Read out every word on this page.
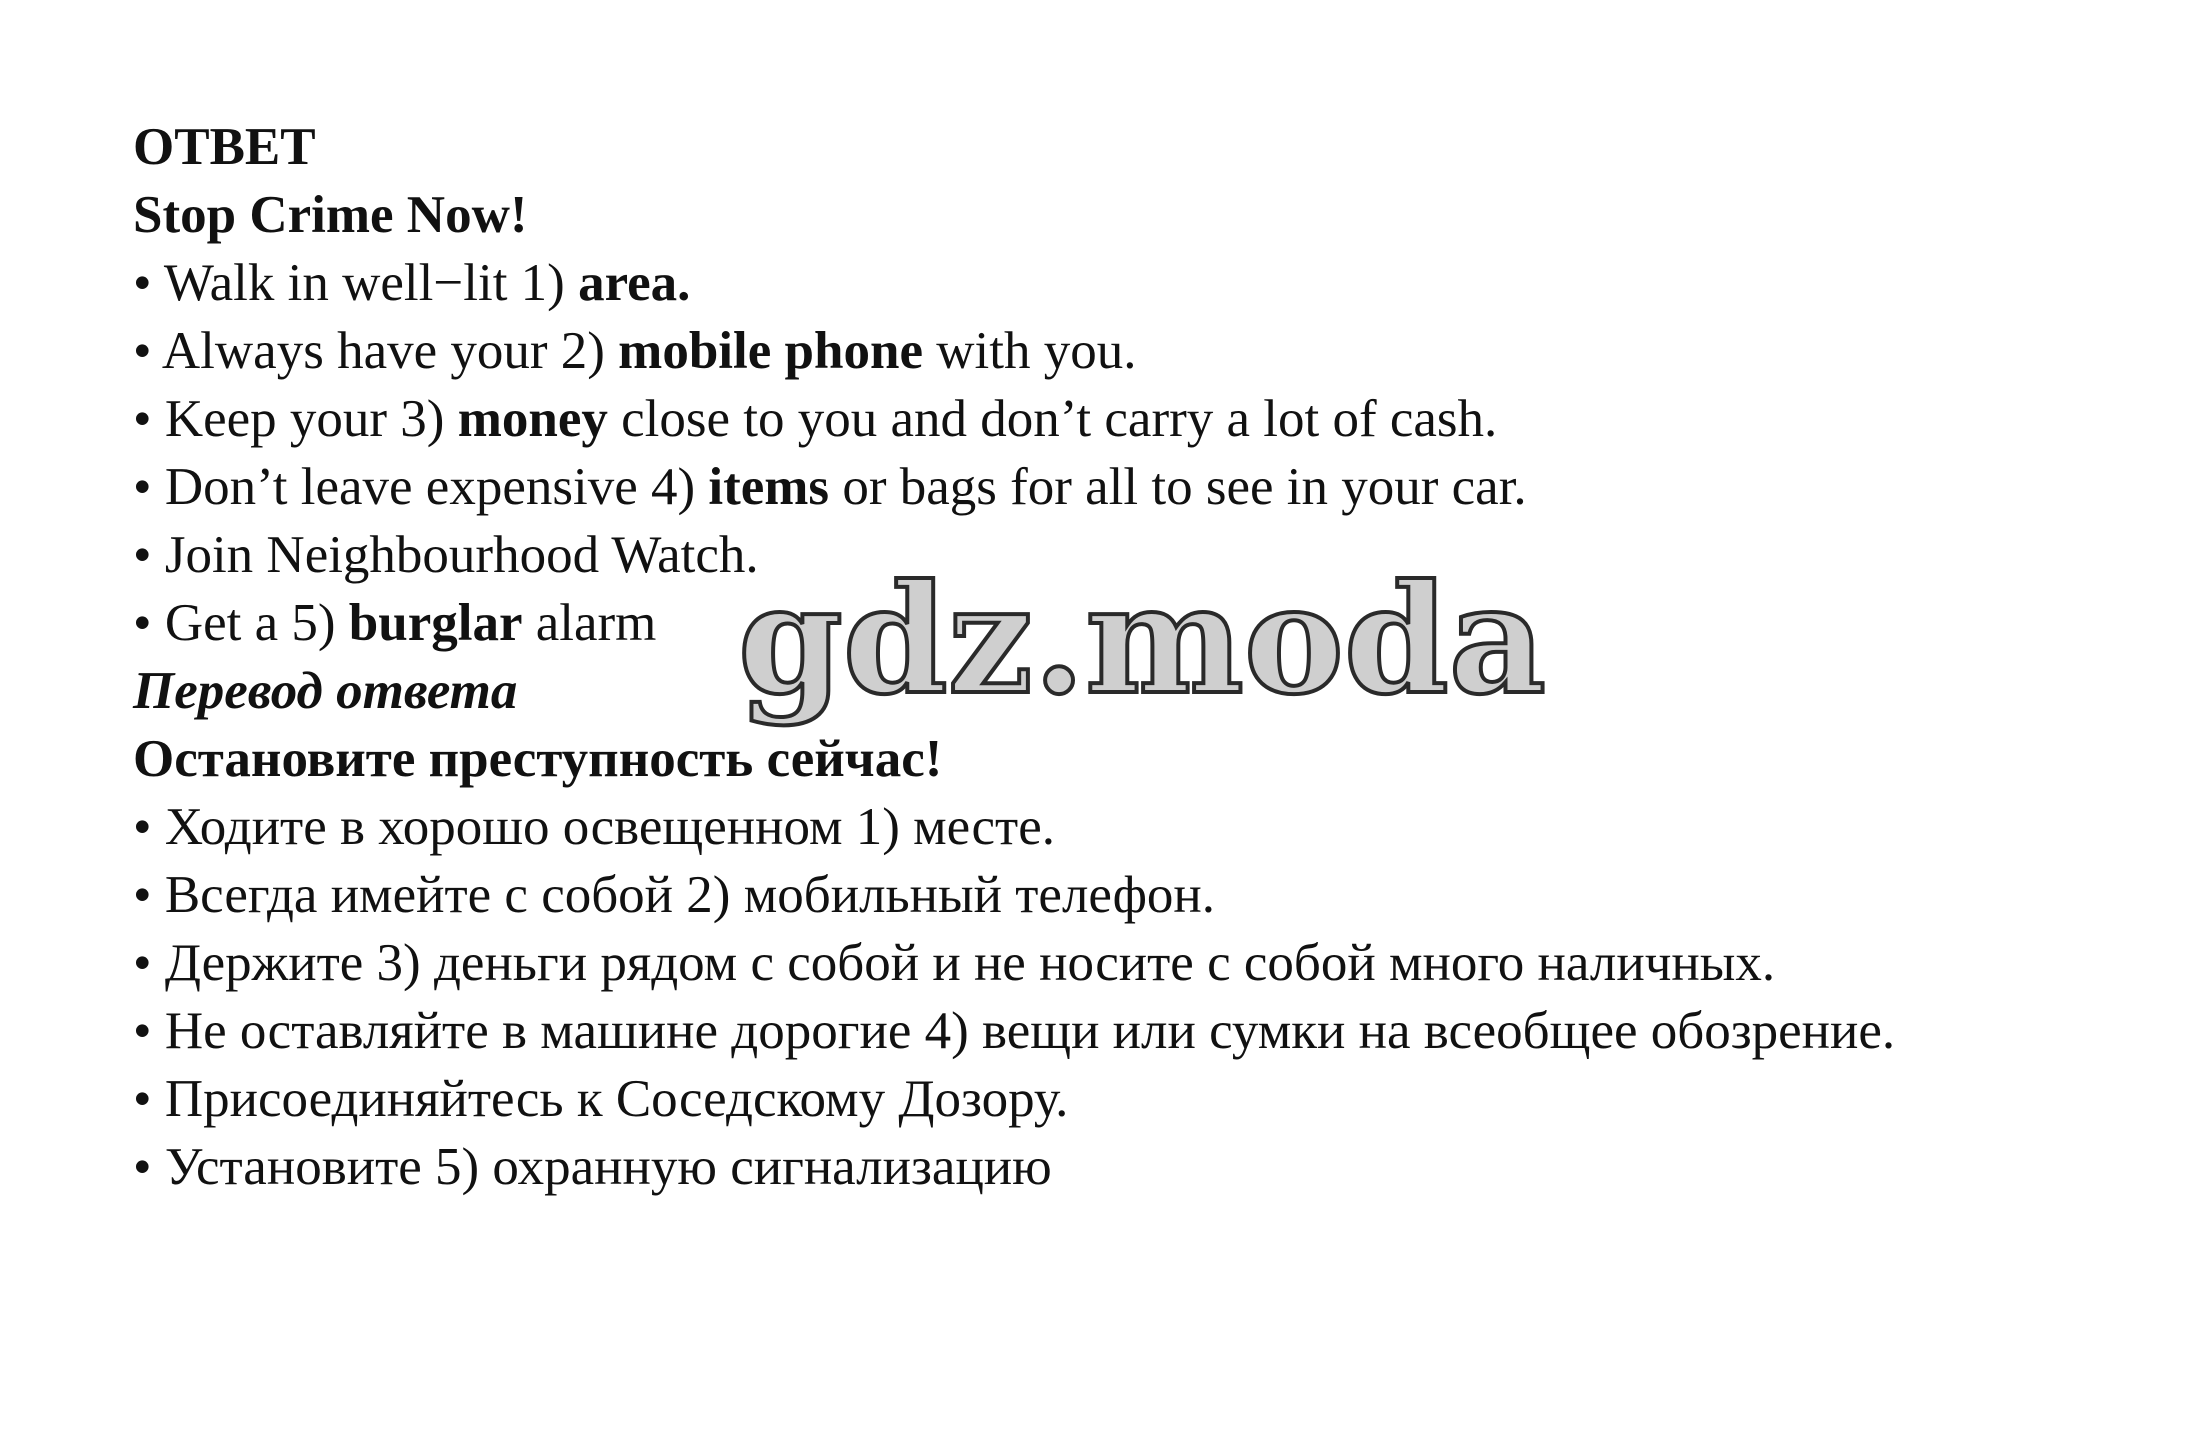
ОТВЕТ

Stop Crime Now!

• Walk in well−lit 1) area.

• Always have your 2) mobile phone with you.

• Keep your 3) money close to you and don’t carry a lot of cash.

• Don’t leave expensive 4) items or bags for all to see in your car.

• Join Neighbourhood Watch.

• Get a 5) burglar alarm

Перевод ответа

Остановите преступность сейчас!

• Ходите в хорошо освещенном 1) месте.

• Всегда имейте с собой 2) мобильный телефон.

• Держите 3) деньги рядом с собой и не носите с собой много наличных.

• Не оставляйте в машине дорогие 4) вещи или сумки на всеобщее обозрение.

• Присоединяйтесь к Соседскому Дозору.

• Установите 5) охранную сигнализацию

gdz.moda
